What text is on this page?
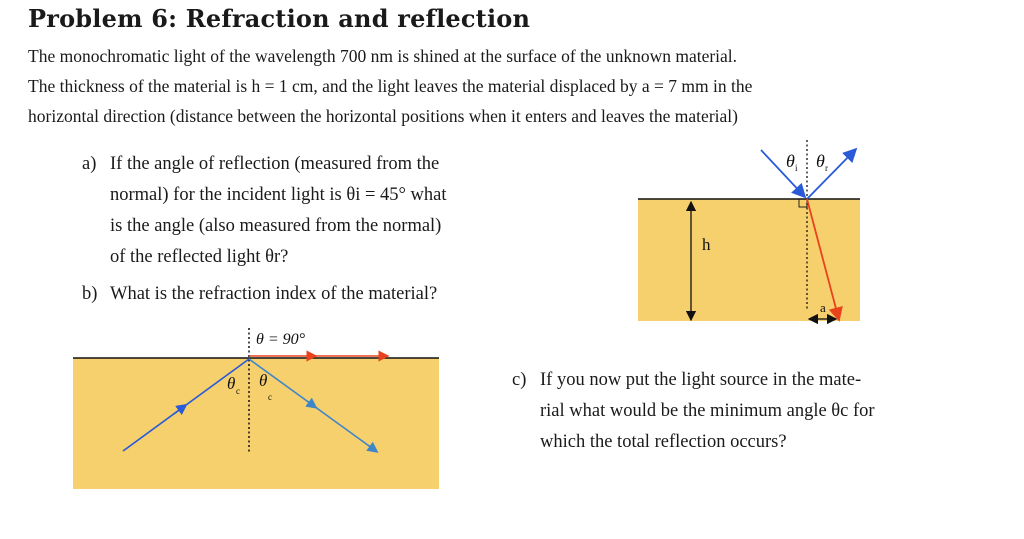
Problem 6: Refraction and reflection
The monochromatic light of the wavelength 700 nm is shined at the surface of the unknown material.
The thickness of the material is h = 1 cm, and the light leaves the material displaced by a = 7 mm in the
horizontal direction (distance between the horizontal positions when it enters and leaves the material)
a) If the angle of reflection (measured from the
normal) for the incident light is θi = 45° what
is the angle (also measured from the normal)
of the reflected light θr?
b) What is the refraction index of the material?
c) If you now put the light source in the mate-
rial what would be the minimum angle θc for
which the total reflection occurs?
θ i θ r
h
a
θ = 90°
θ c
θ
c
